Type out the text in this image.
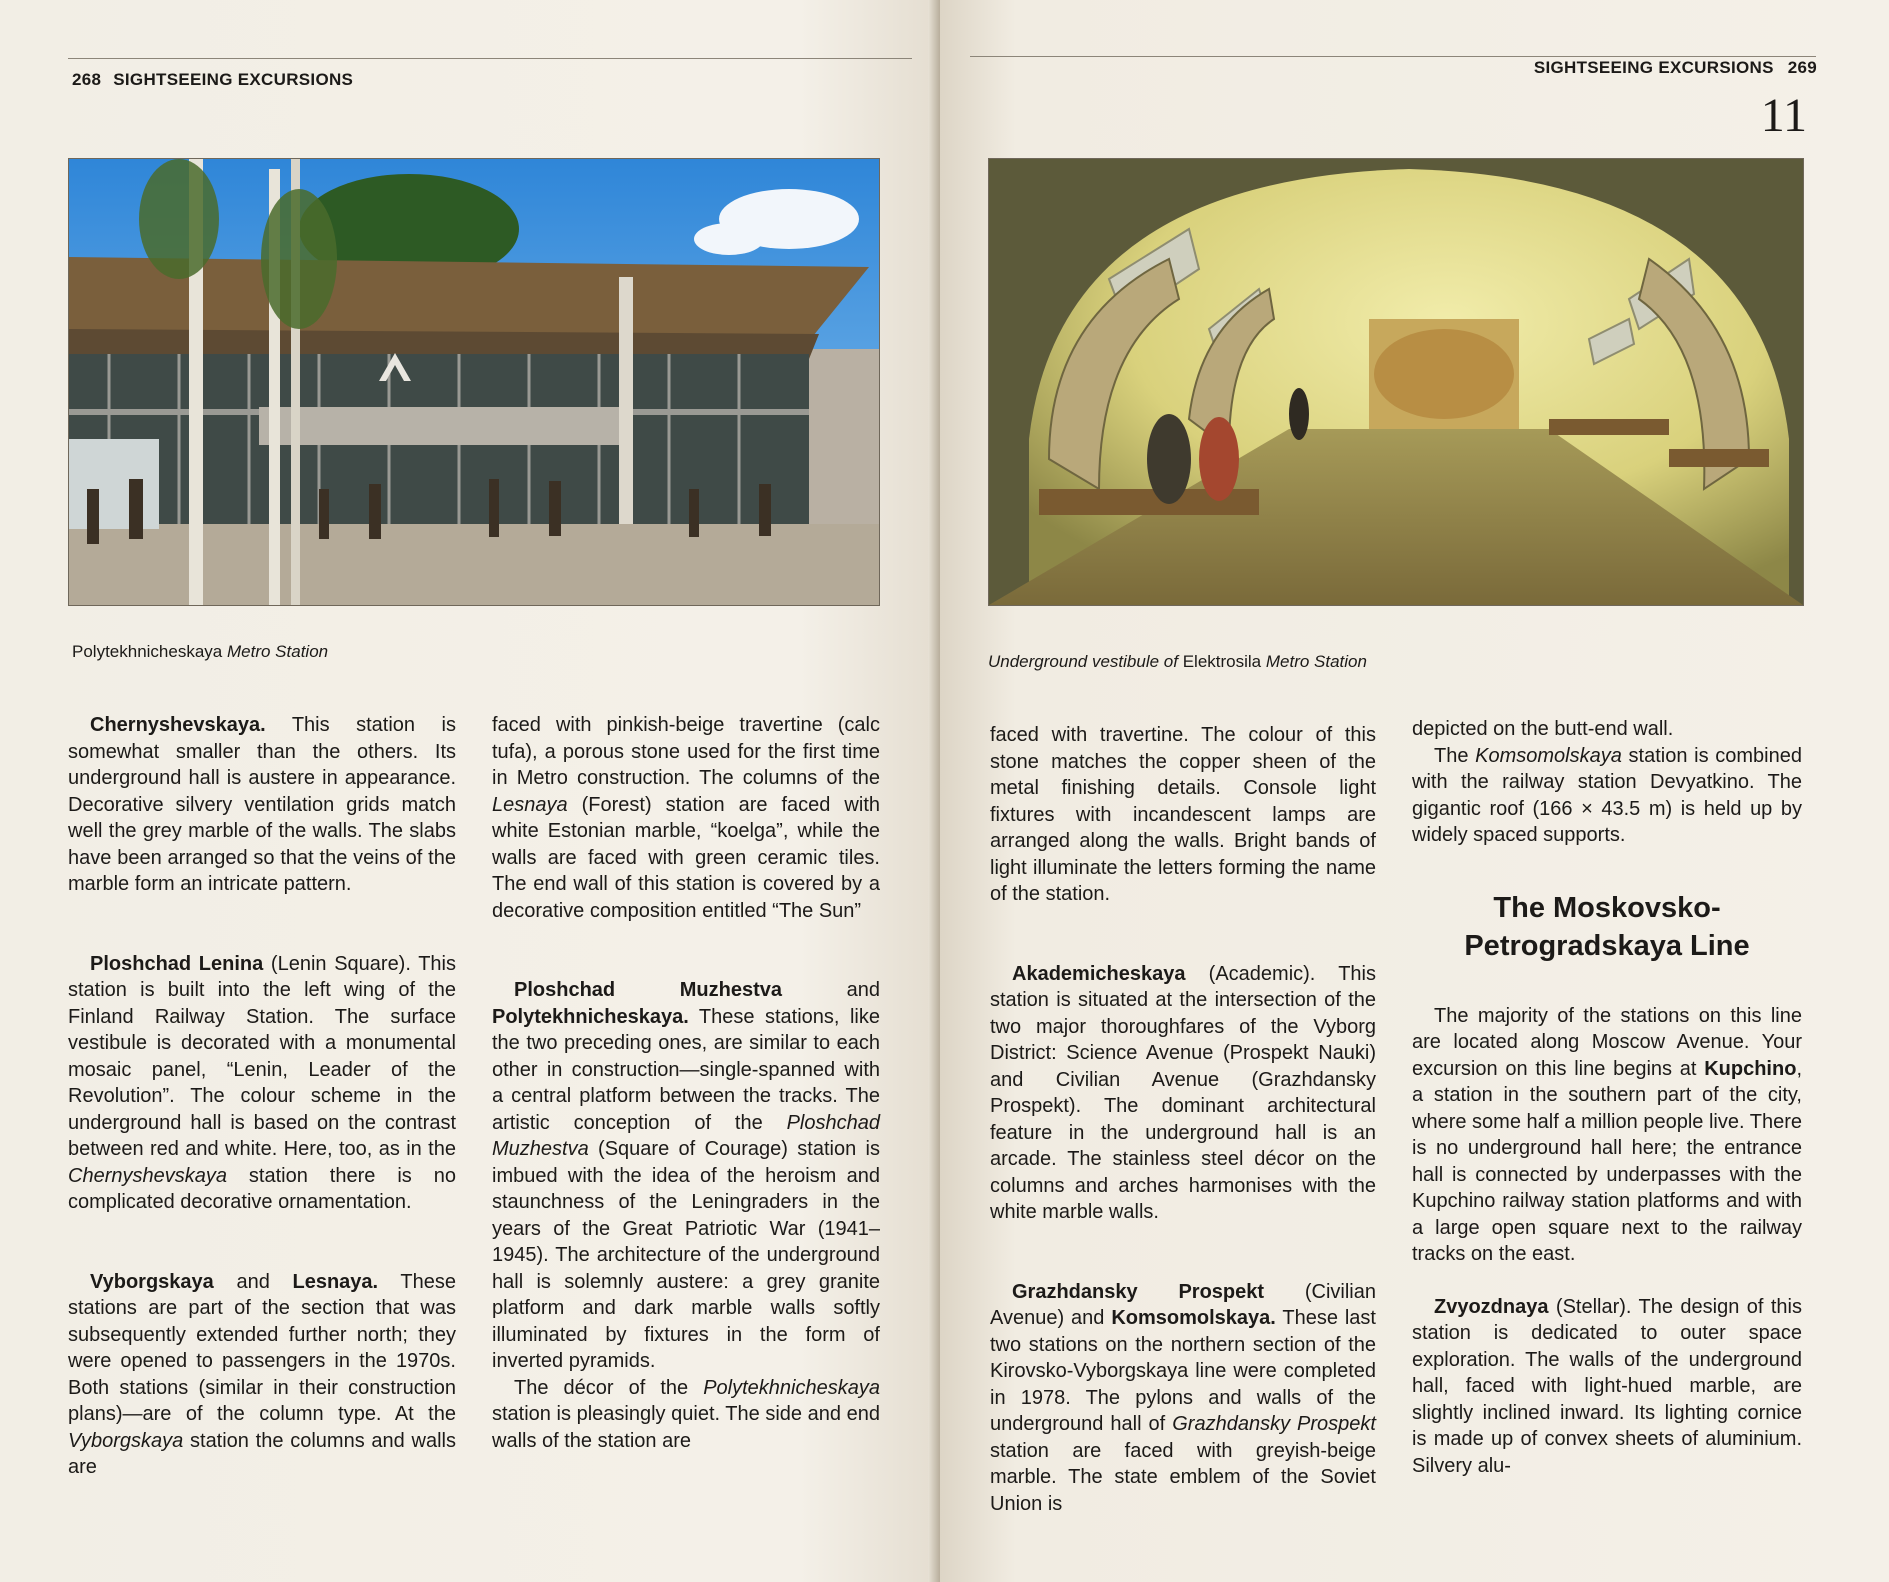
268 SIGHTSEEING EXCURSIONS
Polytekhnicheskaya Metro Station

Chernyshevskaya. This station is somewhat smaller than the others. Its underground hall is austere in appearance. Decorative silvery ventilation grids match well the grey marble of the walls. The slabs have been arranged so that the veins of the marble form an intricate pattern.

Ploshchad Lenina (Lenin Square). This station is built into the left wing of the Finland Railway Station. The surface vestibule is decorated with a monumental mosaic panel, “Lenin, Leader of the Revolution”. The colour scheme in the underground hall is based on the contrast between red and white. Here, too, as in the Chernyshevskaya station there is no complicated decorative ornamentation.

Vyborgskaya and Lesnaya. These stations are part of the section that was subsequently extended further north; they were opened to passengers in the 1970s. Both stations (similar in their construction plans)—are of the column type. At the Vyborgskaya station the columns and walls are

faced with pinkish-beige travertine (calc tufa), a porous stone used for the first time in Metro construction. The columns of the Lesnaya (Forest) station are faced with white Estonian marble, “koelga”, while the walls are faced with green ceramic tiles. The end wall of this station is covered by a decorative composition entitled “The Sun”

Ploshchad Muzhestva and Polytekhnicheskaya. These stations, like the two preceding ones, are similar to each other in construction—single-spanned with a central platform between the tracks. The artistic conception of the Ploshchad Muzhestva (Square of Courage) station is imbued with the idea of the heroism and staunchness of the Leningraders in the years of the Great Patriotic War (1941–1945). The architecture of the underground hall is solemnly austere: a grey granite platform and dark marble walls softly illuminated by fixtures in the form of inverted pyramids.

The décor of the Polytekhnicheskaya station is pleasingly quiet. The side and end walls of the station are

SIGHTSEEING EXCURSIONS 269
11
Underground vestibule of Elektrosila Metro Station

faced with travertine. The colour of this stone matches the copper sheen of the metal finishing details. Console light fixtures with incandescent lamps are arranged along the walls. Bright bands of light illuminate the letters forming the name of the station.

Akademicheskaya (Academic). This station is situated at the intersection of the two major thoroughfares of the Vyborg District: Science Avenue (Prospekt Nauki) and Civilian Avenue (Grazhdansky Prospekt). The dominant architectural feature in the underground hall is an arcade. The stainless steel décor on the columns and arches harmonises with the white marble walls.

Grazhdansky Prospekt (Civilian Avenue) and Komsomolskaya. These last two stations on the northern section of the Kirovsko-Vyborgskaya line were completed in 1978. The pylons and walls of the underground hall of Grazhdansky Prospekt station are faced with greyish-beige marble. The state emblem of the Soviet Union is

depicted on the butt-end wall.

The Komsomolskaya station is combined with the railway station Devyatkino. The gigantic roof (166 × 43.5 m) is held up by widely spaced supports.

The Moskovsko-
Petrogradskaya Line

The majority of the stations on this line are located along Moscow Avenue. Your excursion on this line begins at Kupchino, a station in the southern part of the city, where some half a million people live. There is no underground hall here; the entrance hall is connected by underpasses with the Kupchino railway station platforms and with a large open square next to the railway tracks on the east.

Zvyozdnaya (Stellar). The design of this station is dedicated to outer space exploration. The walls of the underground hall, faced with light-hued marble, are slightly inclined inward. Its lighting cornice is made up of convex sheets of aluminium. Silvery alu-
